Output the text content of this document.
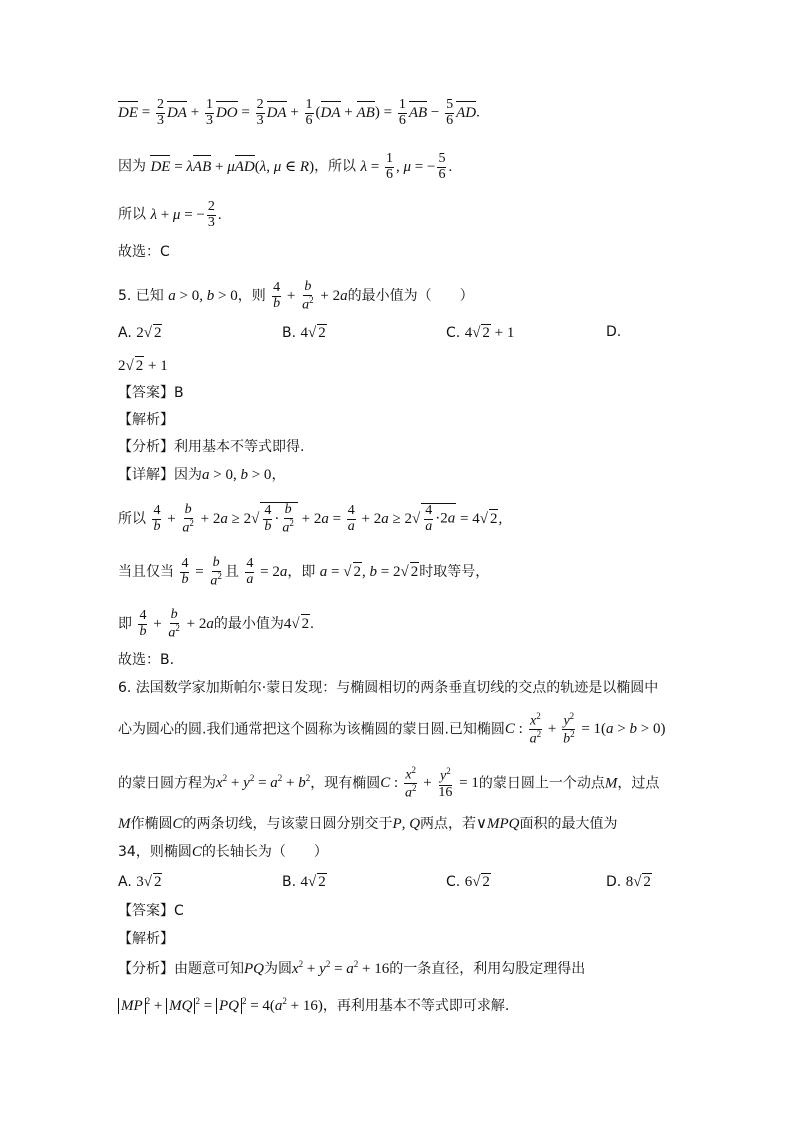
DE = $\frac{2}{3}$ DA + $\frac{1}{3}$ DO = $\frac{2}{3}$ DA + $\frac{1}{6} (DA + AB) = \frac{1}{6}$ AB − $\frac{5}{6}$ AD.
因为 DE = λAB + μAD(λ, μ ∈ R)，所以 $\lambda = \frac{1}{6}$ , μ = − $\frac{5}{6}$ .
所以 λ + μ = − $\frac{2}{3}$ .
故选：C
5. 已知 a > 0, b > 0，则 $\frac{4}{b} + \frac{b}{a^2} + 2a$的最小值为（　　）
A. 2√ 2	B. 4√ 2	C. 4√ 2 + 1	D.
2√ 2 + 1
【答案】B
【解析】
【分析】利用基本不等式即得.
【详解】因为a > 0, b > 0，
所以 $\frac{4}{b} + \frac{b}{a^2} + 2a \ge 2√ \frac{4}{b} \cdot \frac{b}{a^2} + 2a = \frac{4}{a} + 2a \ge 2√ \frac{4}{a} \cdot 2a = 4√$ 2,
当且仅当 $\frac{4}{b} = \frac{b}{a^2}$ 且 $\frac{4}{a} = 2a$，即 a = √ 2, b = 2√ 2时取等号，
即 $\frac{4}{b} + \frac{b}{a^2} + 2a$的最小值为4√ 2.
故选：B.
6. 法国数学家加斯帕尔·蒙日发现：与椭圆相切的两条垂直切线的交点的轨迹是以椭圆中
心为圆心的圆.我们通常把这个圆称为该椭圆的蒙日圆.已知椭圆C : $\frac{x^2}{a^2} + \frac{y^2}{b^2} = 1(a > b > 0)$
的蒙日圆方程为$x^2 + y^2 = a^2 + b^2$，现有椭圆C : $\frac{x^2}{a^2} + \frac{y^2}{16} = 1$的蒙日圆上一个动点M，过点
M作椭圆C的两条切线，与该蒙日圆分别交于P, Q两点，若∨MPQ面积的最大值为
34，则椭圆C的长轴长为（　　）
A. 3√ 2	B. 4√ 2	C. 6√ 2	D. 8√ 2
【答案】C
【解析】
【分析】由题意可知PQ为圆$x^2 + y^2 = a^2 + 16$的一条直径，利用勾股定理得出
MP $^2$ + MQ $^2$ = PQ $^2 = 4(a^2 + 16)$，再利用基本不等式即可求解.
